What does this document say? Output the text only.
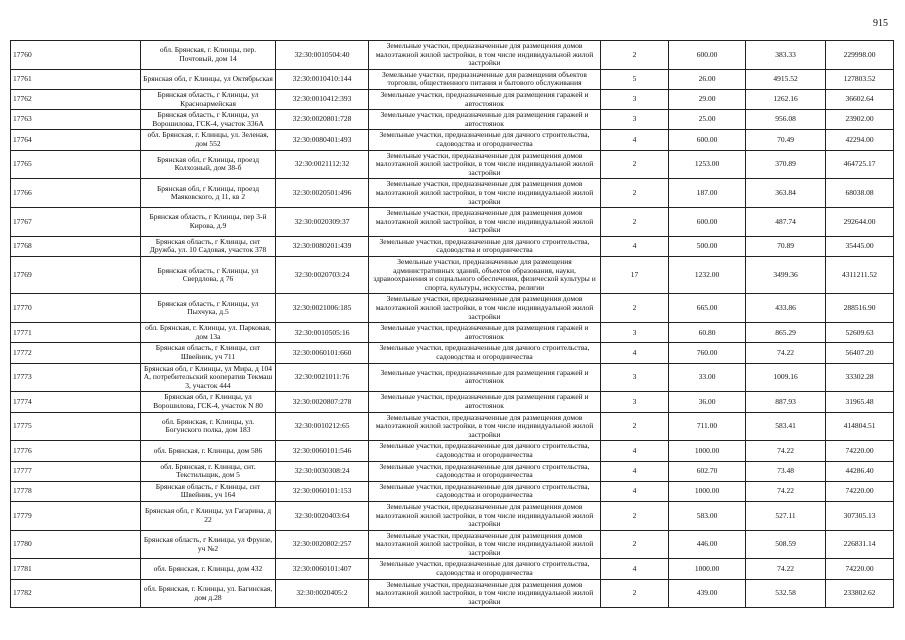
915
17760	обл. Брянская, г. Клинцы, пер. Почтовый, дом 14	32:30:0010504:40	Земельные участки, предназначенные для размещения домов малоэтажной жилой застройки, в том числе индивидуальной жилой застройки	2	600.00	383.33	229998.00
17761	Брянская обл, г Клинцы, ул Октябрьская	32:30:0010410:144	Земельные участки, предназначенные для размещения объектов торговли, общественного питания и бытового обслуживания	5	26.00	4915.52	127803.52
17762	Брянская область, г Клинцы, ул Красноармейская	32:30:0010412:393	Земельные участки, предназначенные для размещения гаражей и автостоянок	3	29.00	1262.16	36602.64
17763	Брянская область, г Клинцы, ул Ворошилова, ГСК-4, участок 336А	32:30:0020801:728	Земельные участки, предназначенные для размещения гаражей и автостоянок	3	25.00	956.08	23902.00
17764	обл. Брянская, г. Клинцы, ул. Зеленая, дом 552	32:30:0080401:493	Земельные участки, предназначенные для дачного строительства, садоводства и огородничества	4	600.00	70.49	42294.00
17765	Брянская обл, г Клинцы, проезд Колхозный, дом 38-б	32:30:0021112:32	Земельные участки, предназначенные для размещения домов малоэтажной жилой застройки, в том числе индивидуальной жилой застройки	2	1253.00	370.89	464725.17
17766	Брянская обл, г Клинцы, проезд Маяковского, д 11, кв 2	32:30:0020501:496	Земельные участки, предназначенные для размещения домов малоэтажной жилой застройки, в том числе индивидуальной жилой застройки	2	187.00	363.84	68038.08
17767	Брянская область, г Клинцы, пер 3-й Кирова, д.9	32:30:0020309:37	Земельные участки, предназначенные для размещения домов малоэтажной жилой застройки, в том числе индивидуальной жилой застройки	2	600.00	487.74	292644.00
17768	Брянская область, г Клинцы, снт Дружба, ул. 10 Садовая, участок 378	32:30:0080201:439	Земельные участки, предназначенные для дачного строительства, садоводства и огородничества	4	500.00	70.89	35445.00
17769	Брянская область, г Клинцы, ул Свердлова, д 76	32:30:0020703:24	Земельные участки, предназначенные для размещения административных зданий, объектов образования, науки, здравоохранения и социального обеспечения, физической культуры и спорта, культуры, искусства, религии	17	1232.00	3499.36	4311211.52
17770	Брянская область, г Клинцы, ул Пыхчука, д.5	32:30:0021006:185	Земельные участки, предназначенные для размещения домов малоэтажной жилой застройки, в том числе индивидуальной жилой застройки	2	665.00	433.86	288516.90
17771	обл. Брянская, г. Клинцы, ул. Парковая, дом 13а	32:30:0010505:16	Земельные участки, предназначенные для размещения гаражей и автостоянок	3	60.80	865.29	52609.63
17772	Брянская область, г Клинцы, снт Швейник, уч 711	32:30:0060101:660	Земельные участки, предназначенные для дачного строительства, садоводства и огородничества	4	760.00	74.22	56407.20
17773	Брянская обл, г Клинцы, ул Мира, д 104 А, потребительский кооператив Текмаш 3, участок 444	32:30:0021011:76	Земельные участки, предназначенные для размещения гаражей и автостоянок	3	33.00	1009.16	33302.28
17774	Брянская обл, г Клинцы, ул Ворошилова, ГСК-4, участок N 80	32:30:0020807:278	Земельные участки, предназначенные для размещения гаражей и автостоянок	3	36.00	887.93	31965.48
17775	обл. Брянская, г. Клинцы, ул. Богунского полка, дом 183	32:30:0010212:65	Земельные участки, предназначенные для размещения домов малоэтажной жилой застройки, в том числе индивидуальной жилой застройки	2	711.00	583.41	414804.51
17776	обл. Брянская, г. Клинцы, дом 586	32:30:0060101:546	Земельные участки, предназначенные для дачного строительства, садоводства и огородничества	4	1000.00	74.22	74220.00
17777	обл. Брянская, г. Клинцы, снт. Текстильщик, дом 5	32:30:0030308:24	Земельные участки, предназначенные для дачного строительства, садоводства и огородничества	4	602.70	73.48	44286.40
17778	Брянская область, г Клинцы, снт Швейник, уч 164	32:30:0060101:153	Земельные участки, предназначенные для дачного строительства, садоводства и огородничества	4	1000.00	74.22	74220.00
17779	Брянская обл, г Клинцы, ул Гагарина, д 22	32:30:0020403:64	Земельные участки, предназначенные для размещения домов малоэтажной жилой застройки, в том числе индивидуальной жилой застройки	2	583.00	527.11	307305.13
17780	Брянская область, г Клинцы, ул Фрунзе, уч №2	32:30:0020802:257	Земельные участки, предназначенные для размещения домов малоэтажной жилой застройки, в том числе индивидуальной жилой застройки	2	446.00	508.59	226831.14
17781	обл. Брянская, г. Клинцы, дом 432	32:30:0060101:407	Земельные участки, предназначенные для дачного строительства, садоводства и огородничества	4	1000.00	74.22	74220.00
17782	обл. Брянская, г. Клинцы, ул. Багинская, дом д.28	32:30:0020405:2	Земельные участки, предназначенные для размещения домов малоэтажной жилой застройки, в том числе индивидуальной жилой застройки	2	439.00	532.58	233802.62
